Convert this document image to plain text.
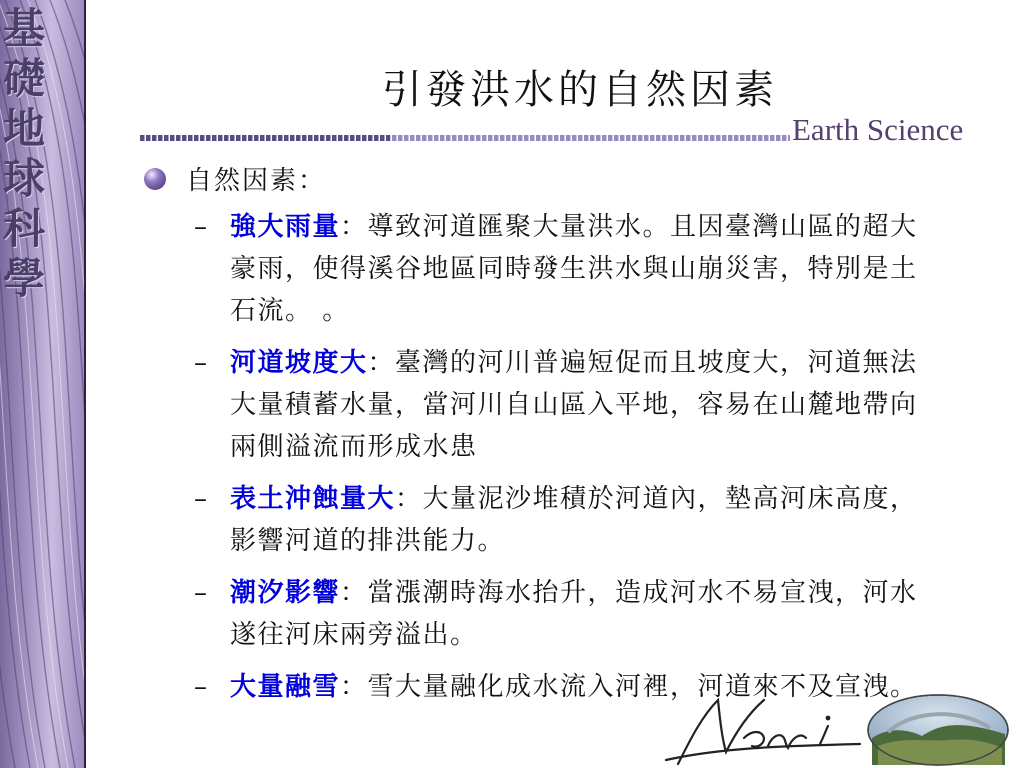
基
礎
地
球
科
學
引發洪水的自然因素
Earth Science
自然因素：
– 強大雨量：導致河道匯聚大量洪水。且因臺灣山區的超大豪雨，使得溪谷地區同時發生洪水與山崩災害，特別是土石流。 。
– 河道坡度大：臺灣的河川普遍短促而且坡度大，河道無法大量積蓄水量，當河川自山區入平地，容易在山麓地帶向兩側溢流而形成水患
– 表土沖蝕量大：大量泥沙堆積於河道內，墊高河床高度，影響河道的排洪能力。
– 潮汐影響：當漲潮時海水抬升，造成河水不易宣洩，河水遂往河床兩旁溢出。
– 大量融雪：雪大量融化成水流入河裡，河道來不及宣洩。
